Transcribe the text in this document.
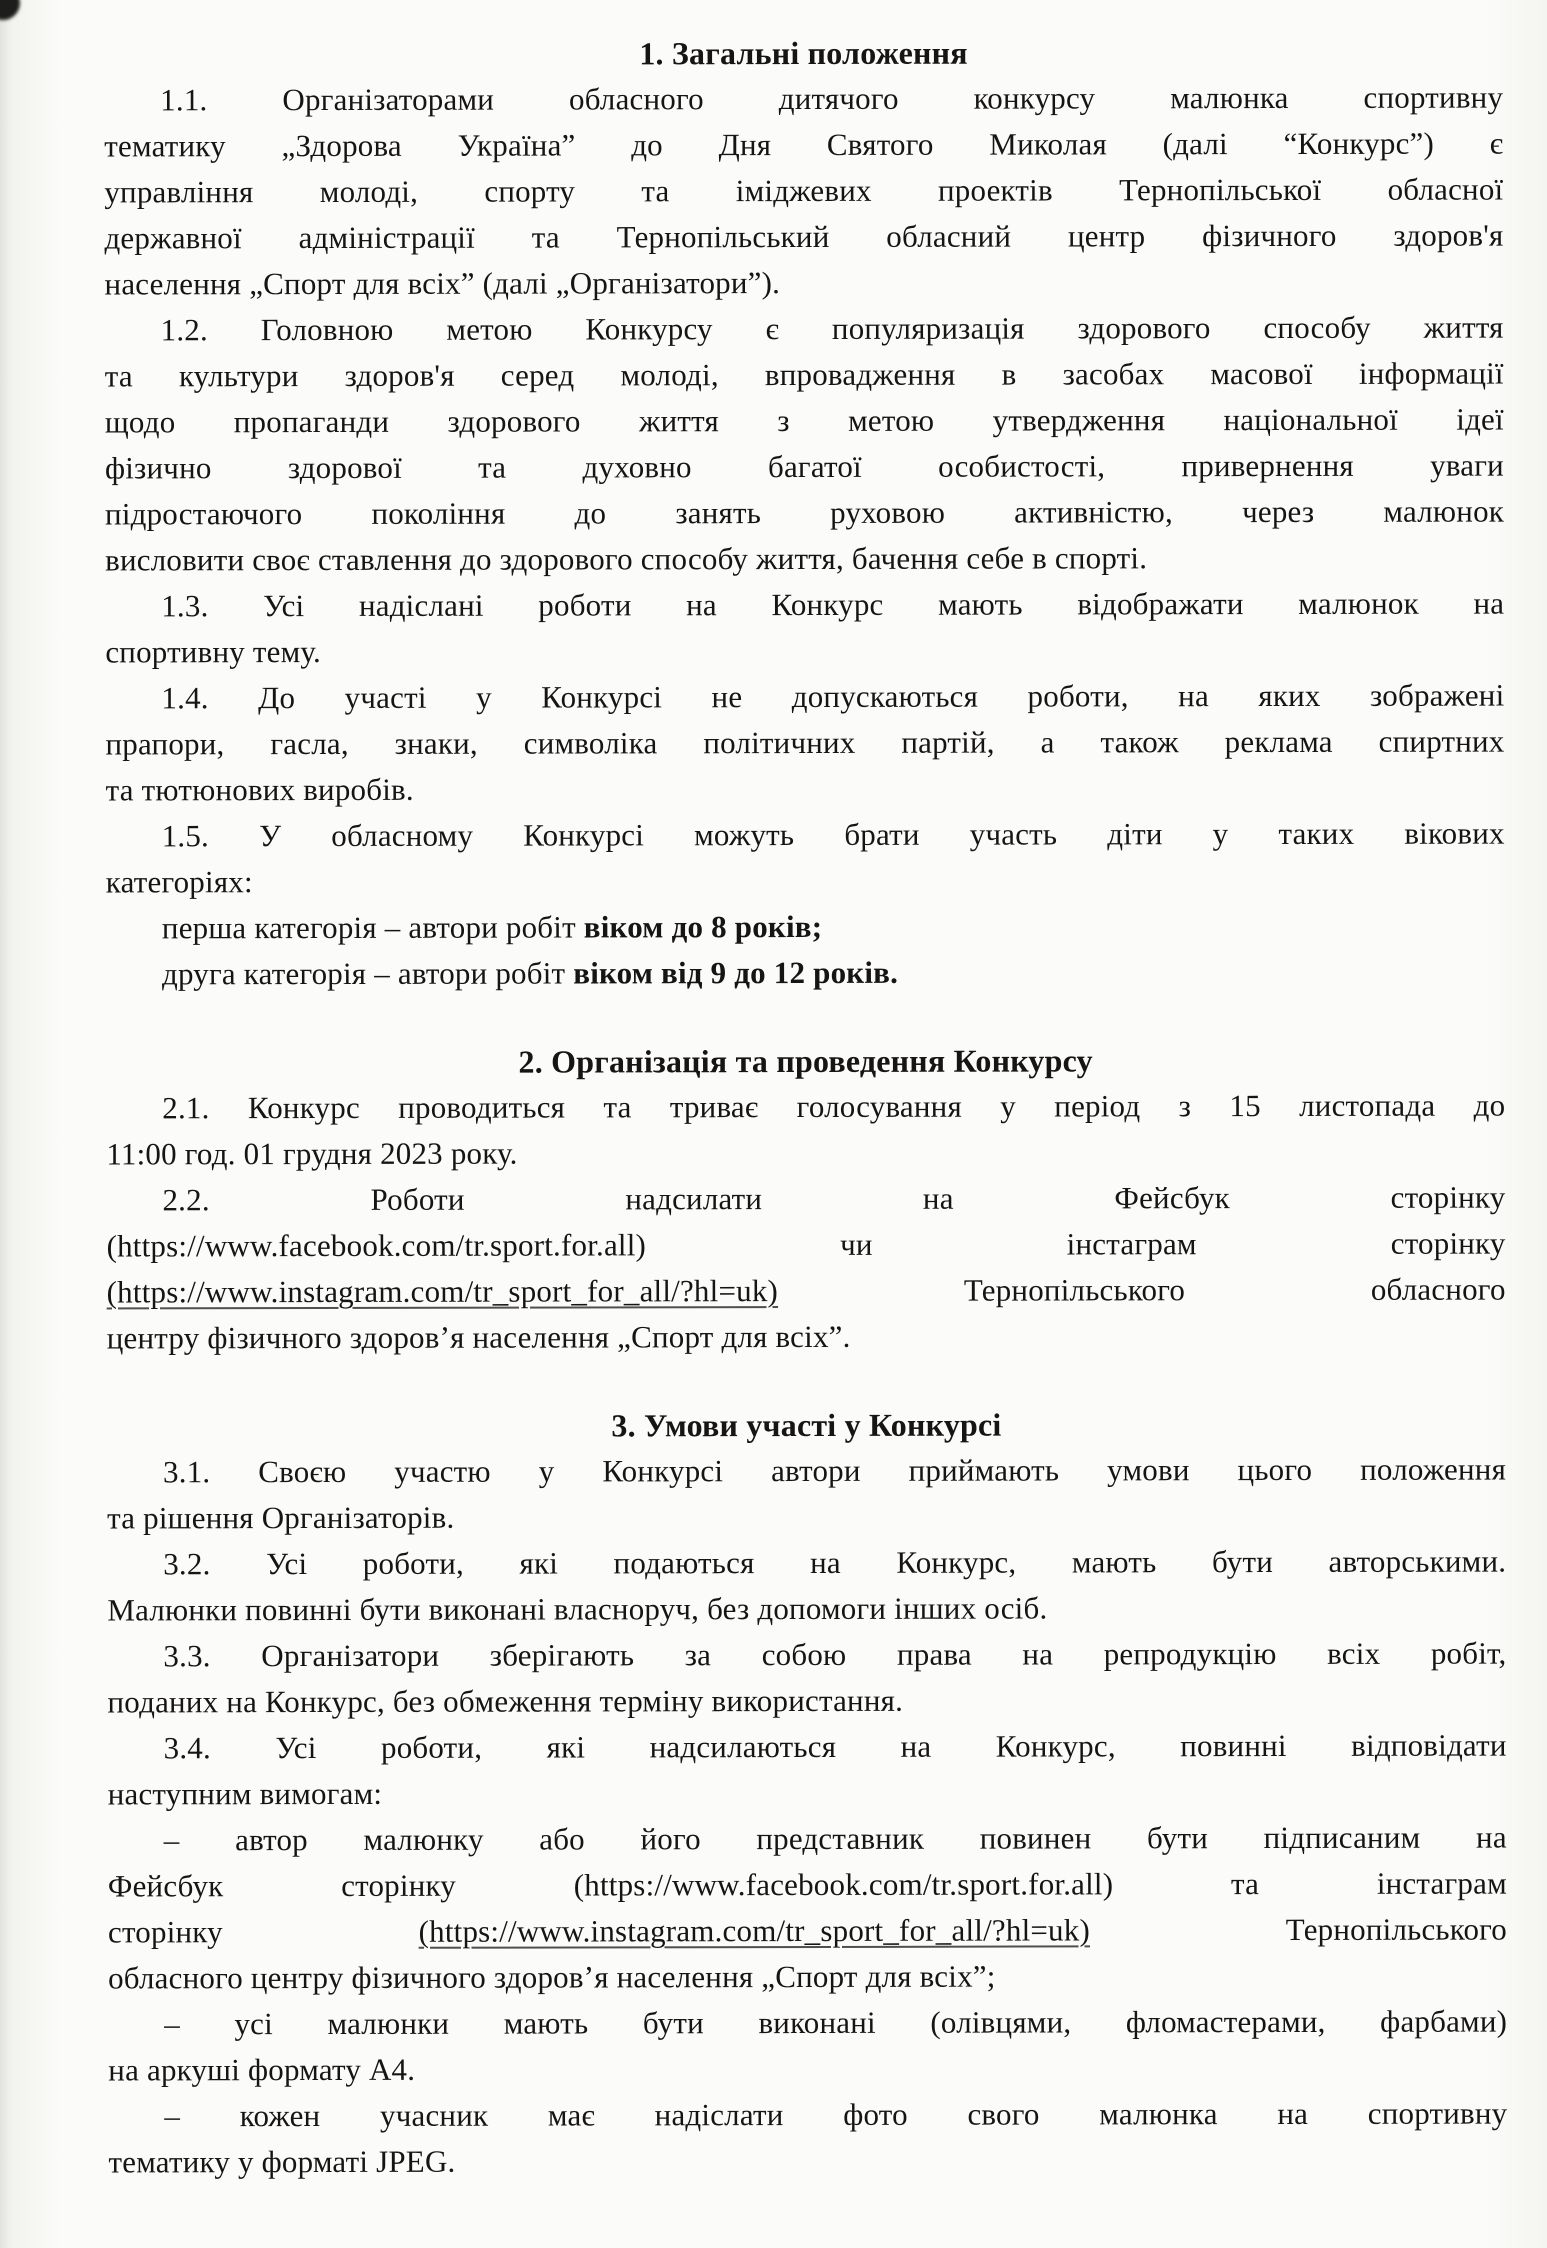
1. Загальні положення
1.1. Організаторами обласного дитячого конкурсу малюнка спортивну
тематику „Здорова Україна” до Дня Святого Миколая (далі “Конкурс”) є
управління молоді, спорту та іміджевих проектів Тернопільської обласної
державної адміністрації та Тернопільський обласний центр фізичного здоров'я
населення „Спорт для всіх” (далі „Організатори”).
1.2. Головною метою Конкурсу є популяризація здорового способу життя
та культури здоров'я серед молоді, впровадження в засобах масової інформації
щодо пропаганди здорового життя з метою утвердження національної ідеї
фізично здорової та духовно багатої особистості, привернення уваги
підростаючого покоління до занять руховою активністю, через малюнок
висловити своє ставлення до здорового способу життя, бачення себе в спорті.
1.3. Усі надіслані роботи на Конкурс мають відображати малюнок на
спортивну тему.
1.4. До участі у Конкурсі не допускаються роботи, на яких зображені
прапори, гасла, знаки, символіка політичних партій, а також реклама спиртних
та тютюнових виробів.
1.5. У обласному Конкурсі можуть брати участь діти у таких вікових
категоріях:
перша категорія – автори робіт віком до 8 років;
друга категорія – автори робіт віком від 9 до 12 років.
2. Організація та проведення Конкурсу
2.1. Конкурс проводиться та триває голосування у період з 15 листопада до
11:00 год. 01 грудня 2023 року.
2.2. Роботи надсилати на Фейсбук сторінку
(https://www.facebook.com/tr.sport.for.all) чи інстаграм сторінку
(https://www.instagram.com/tr_sport_for_all/?hl=uk) Тернопільського обласного
центру фізичного здоров’я населення „Спорт для всіх”.
3. Умови участі у Конкурсі
3.1. Своєю участю у Конкурсі автори приймають умови цього положення
та рішення Організаторів.
3.2. Усі роботи, які подаються на Конкурс, мають бути авторськими.
Малюнки повинні бути виконані власноруч, без допомоги інших осіб.
3.3. Організатори зберігають за собою права на репродукцію всіх робіт,
поданих на Конкурс, без обмеження терміну використання.
3.4. Усі роботи, які надсилаються на Конкурс, повинні відповідати
наступним вимогам:
– автор малюнку або його представник повинен бути підписаним на
Фейсбук сторінку (https://www.facebook.com/tr.sport.for.all) та інстаграм
сторінку (https://www.instagram.com/tr_sport_for_all/?hl=uk) Тернопільського
обласного центру фізичного здоров’я населення „Спорт для всіх”;
– усі малюнки мають бути виконані (олівцями, фломастерами, фарбами)
на аркуші формату А4.
– кожен учасник має надіслати фото свого малюнка на спортивну
тематику у форматі JPEG.
